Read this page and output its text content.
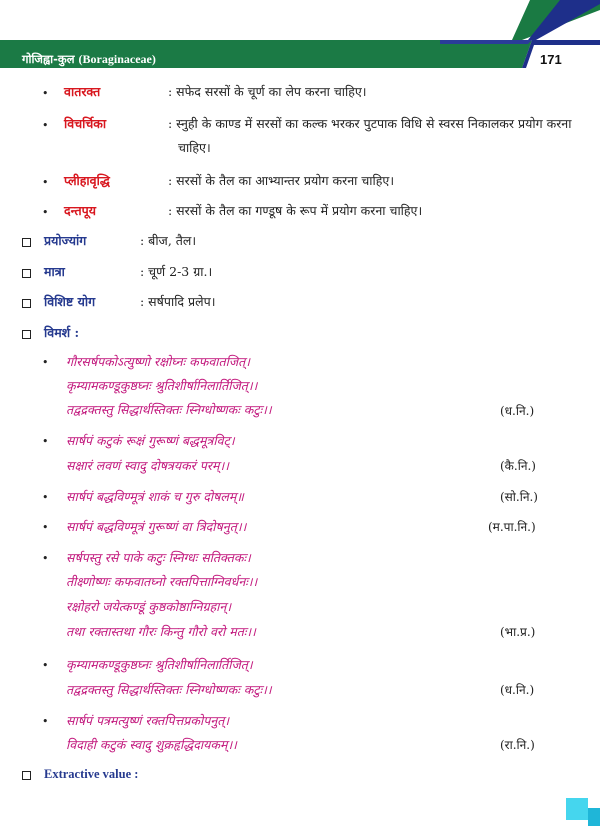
गोजिह्वा-कुल (Boraginaceae)	171
• वातरक्त	: सफेद सरसों के चूर्ण का लेप करना चाहिए।
• विचर्चिका	: स्नुही के काण्ड में सरसों का कल्क भरकर पुटपाक विधि से स्वरस निकालकर प्रयोग करना
चाहिए।
• प्लीहावृद्धि	: सरसों के तैल का आभ्यान्तर प्रयोग करना चाहिए।
• दन्तपूय	: सरसों के तैल का गण्डूष के रूप में प्रयोग करना चाहिए।
प्रयोज्यांग	: बीज, तैल।
मात्रा	: चूर्ण 2-3 ग्रा.।
विशिष्ट योग	: सर्षपादि प्रलेप।
विमर्श :
• गौरसर्षपकोऽत्युष्णो रक्षोघ्नः कफवातजित्।
कृम्यामकण्डूकुष्ठघ्नः श्रुतिशीर्षानिलार्तिजित्।।
तद्वद्रक्तस्तु सिद्धार्थस्तिक्तः स्निग्धोष्णकः कटुः।।	(ध.नि.)
• सार्षपं कटुकं रूक्षं गुरूष्णं बद्धमूत्रविट्।
सक्षारं लवणं स्वादु दोषत्रयकरं परम्।।	(कै.नि.)
• सार्षपं बद्धविण्मूत्रं शाकं च गुरु दोषलम्॥	(सो.नि.)
• सार्षपं बद्धविण्मूत्रं गुरूष्णं वा त्रिदोषनुत्।।	(म.पा.नि.)
• सर्षपस्तु रसे पाके कटुः स्निग्धः सतिक्तकः।
तीक्ष्णोष्णः कफवातघ्नो रक्तपित्ताग्निवर्धनः।।
रक्षोहरो जयेत्कण्डूं कुष्ठकोष्ठाग्निग्रहान्।
तथा रक्तास्तथा गौरः किन्तु गौरो वरो मतः।।	(भा.प्र.)
• कृम्यामकण्डूकुष्ठघ्नः श्रुतिशीर्षानिलार्तिजित्।
तद्वद्रक्तस्तु सिद्धार्थस्तिक्तः स्निग्धोष्णकः कटुः।।	(ध.नि.)
• सार्षपं पत्रमत्युष्णं रक्तपित्तप्रकोपनुत्।
विदाही कटुकं स्वादु शुक्रहृद्धिदायकम्।।	(रा.नि.)
Extractive value :
